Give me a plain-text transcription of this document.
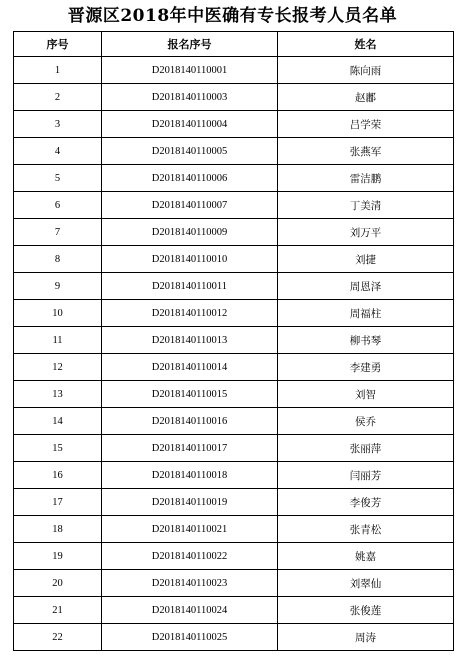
晋源区2018年中医确有专长报考人员名单
序号	报名序号	姓名
1	D2018140110001	陈向雨
2	D2018140110003	赵鄘
3	D2018140110004	吕学荣
4	D2018140110005	张燕军
5	D2018140110006	雷洁鹏
6	D2018140110007	丁美清
7	D2018140110009	刘万平
8	D2018140110010	刘捷
9	D2018140110011	周恩泽
10	D2018140110012	周福柱
11	D2018140110013	柳书琴
12	D2018140110014	李建勇
13	D2018140110015	刘智
14	D2018140110016	侯乔
15	D2018140110017	张丽萍
16	D2018140110018	闫丽芳
17	D2018140110019	李俊芳
18	D2018140110021	张青松
19	D2018140110022	姚嘉
20	D2018140110023	刘翠仙
21	D2018140110024	张俊莲
22	D2018140110025	周涛
